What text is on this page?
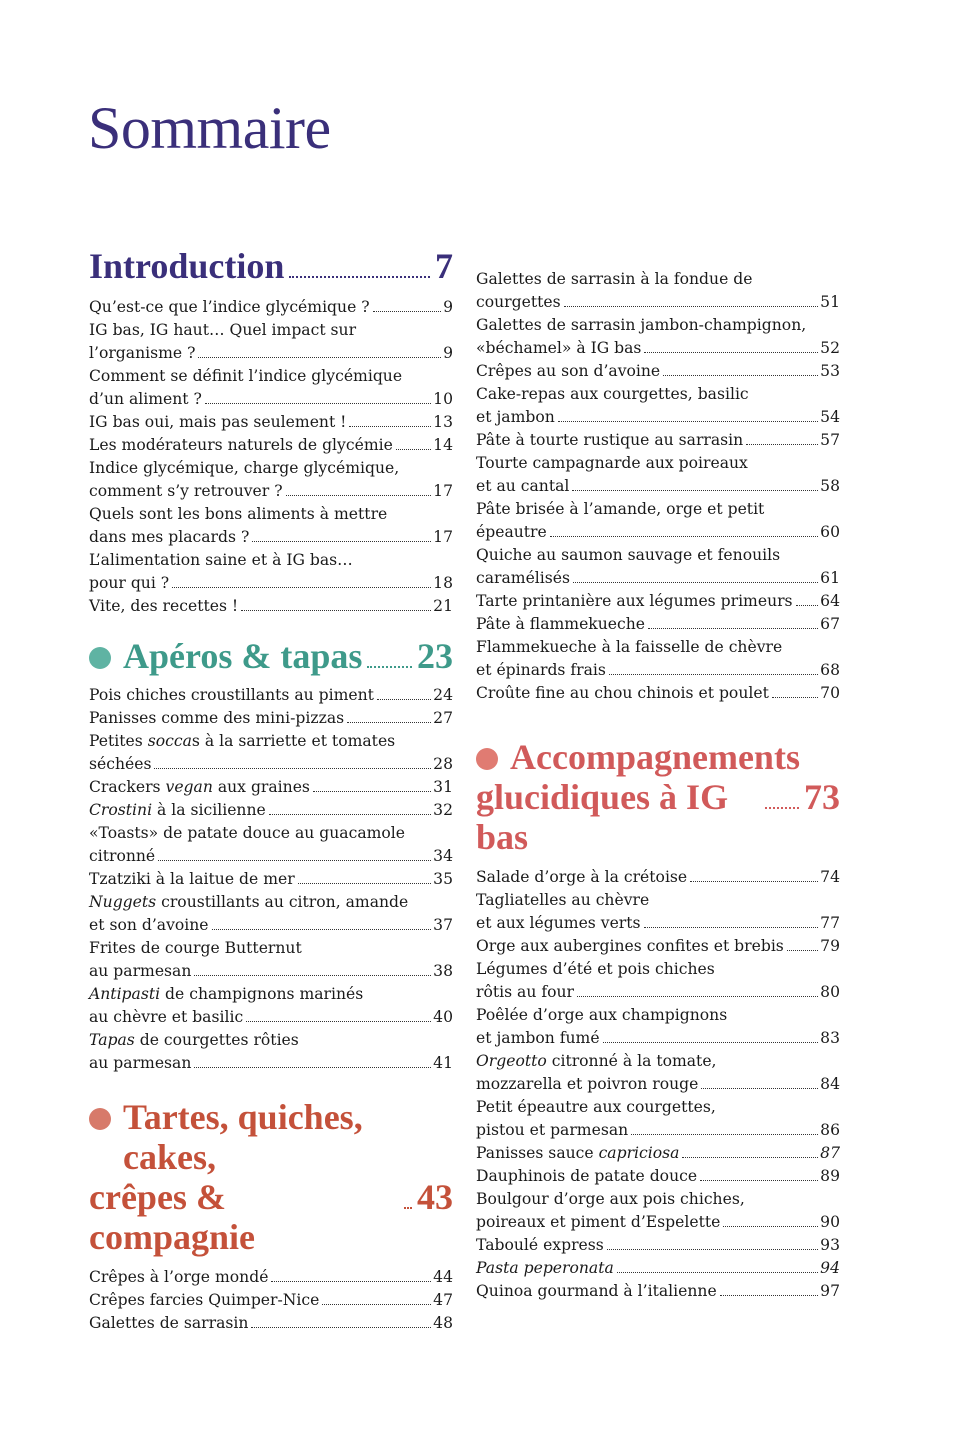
Sommaire
Introduction	7
Qu’est-ce que l’indice glycémique ?	9
IG bas, IG haut… Quel impact sur
l’organisme ?	9
Comment se définit l’indice glycémique
d’un aliment ?	10
IG bas oui, mais pas seulement !	13
Les modérateurs naturels de glycémie	14
Indice glycémique, charge glycémique,
comment s’y retrouver ?	17
Quels sont les bons aliments à mettre
dans mes placards ?	17
L’alimentation saine et à IG bas…
pour qui ?	18
Vite, des recettes !	21
Apéros & tapas 23
Pois chiches croustillants au piment	24
Panisses comme des mini-pizzas	27
Petites soccas à la sarriette et tomates
séchées	28
Crackers vegan aux graines	31
Crostini à la sicilienne	32
«Toasts» de patate douce au guacamole
citronné	34
Tzatziki à la laitue de mer	35
Nuggets croustillants au citron, amande
et son d’avoine	37
Frites de courge Butternut
au parmesan	38
Antipasti de champignons marinés
au chèvre et basilic	40
Tapas de courgettes rôties
au parmesan	41
Tartes, quiches, cakes,
crêpes & compagnie
43
Crêpes à l’orge mondé	44
Crêpes farcies Quimper-Nice	47
Galettes de sarrasin	48
Galettes de sarrasin à la fondue de
courgettes	51
Galettes de sarrasin jambon-champignon,
«béchamel» à IG bas	52
Crêpes au son d’avoine	53
Cake-repas aux courgettes, basilic
et jambon	54
Pâte à tourte rustique au sarrasin	57
Tourte campagnarde aux poireaux
et au cantal	58
Pâte brisée à l’amande, orge et petit
épeautre	60
Quiche au saumon sauvage et fenouils
caramélisés	61
Tarte printanière aux légumes primeurs 64
Pâte à flammekueche	67
Flammekueche à la faisselle de chèvre
et épinards frais	68
Croûte fine au chou chinois et poulet	70
Accompagnements
glucidiques à IG bas
73
Salade d’orge à la crétoise	74
Tagliatelles au chèvre
et aux légumes verts	77
Orge aux aubergines confites et brebis 79
Légumes d’été et pois chiches
rôtis au four	80
Poêlée d’orge aux champignons
et jambon fumé	83
Orgeotto citronné à la tomate,
mozzarella et poivron rouge	84
Petit épeautre aux courgettes,
pistou et parmesan	86
Panisses sauce capriciosa	87
Dauphinois de patate douce	89
Boulgour d’orge aux pois chiches,
poireaux et piment d’Espelette	90
Taboulé express	93
Pasta peperonata	94
Quinoa gourmand à l’italienne	97
